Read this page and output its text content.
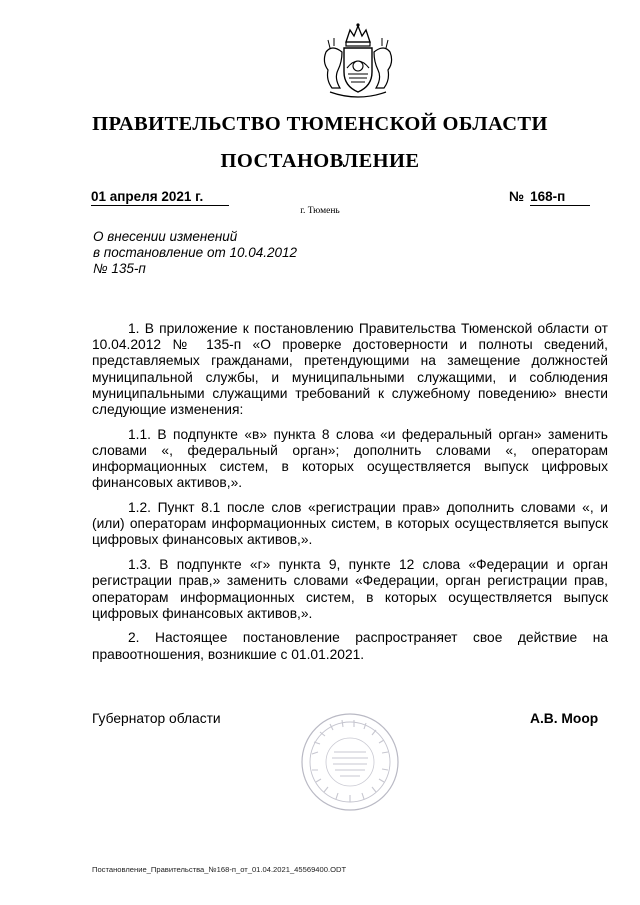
ПРАВИТЕЛЬСТВО ТЮМЕНСКОЙ ОБЛАСТИ
ПОСТАНОВЛЕНИЕ
01 апреля 2021 г.	№ 168-п
г. Тюмень
О внесении изменений
в постановление от 10.04.2012
№ 135-п

1. В приложение к постановлению Правительства Тюменской области от 10.04.2012 № 135-п «О проверке достоверности и полноты сведений, представляемых гражданами, претендующими на замещение должностей муниципальной службы, и муниципальными служащими, и соблюдения муниципальными служащими требований к служебному поведению» внести следующие изменения:

1.1. В подпункте «в» пункта 8 слова «и федеральный орган» заменить словами «, федеральный орган»; дополнить словами «, операторам информационных систем, в которых осуществляется выпуск цифровых финансовых активов,».

1.2. Пункт 8.1 после слов «регистрации прав» дополнить словами «, и (или) операторам информационных систем, в которых осуществляется выпуск цифровых финансовых активов,».

1.3. В подпункте «г» пункта 9, пункте 12 слова «Федерации и орган регистрации прав,» заменить словами «Федерации, орган регистрации прав, операторам информационных систем, в которых осуществляется выпуск цифровых финансовых активов,».

2. Настоящее постановление распространяет свое действие на правоотношения, возникшие с 01.01.2021.

Губернатор области	А.В. Моор
Постановление_Правительства_№168-п_от_01.04.2021_45569400.ODT
